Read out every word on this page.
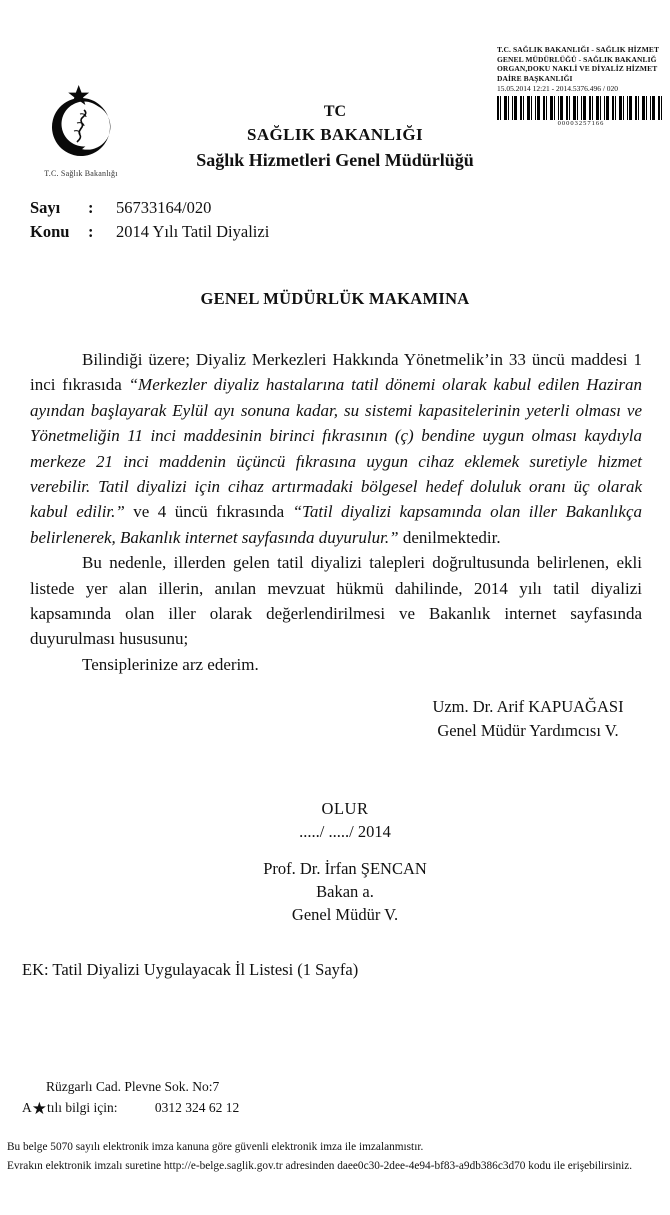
T.C. SAĞLIK BAKANLIĞI - SAĞLIK HİZMET
GENEL MÜDÜRLÜĞÜ - SAĞLIK BAKANLIĞ
ORGAN,DOKU NAKLİ VE DİYALİZ HİZMET
DAİRE BAŞKANLIĞI
15.05.2014 12:21 - 2014.5376.496 / 020
00003257166
T.C. Sağlık Bakanlığı
TC
SAĞLIK BAKANLIĞI
Sağlık Hizmetleri Genel Müdürlüğü
Sayı	:	56733164/020
Konu	:	2014 Yılı Tatil Diyalizi
GENEL MÜDÜRLÜK MAKAMINA

Bilindiği üzere; Diyaliz Merkezleri Hakkında Yönetmelik’in 33 üncü maddesi 1 inci fıkrasıda “Merkezler diyaliz hastalarına tatil dönemi olarak kabul edilen Haziran ayından başlayarak Eylül ayı sonuna kadar, su sistemi kapasitelerinin yeterli olması ve Yönetmeliğin 11 inci maddesinin birinci fıkrasının (ç) bendine uygun olması kaydıyla merkeze 21 inci maddenin üçüncü fıkrasına uygun cihaz eklemek suretiyle hizmet verebilir. Tatil diyalizi için cihaz artırmadaki bölgesel hedef doluluk oranı üç olarak kabul edilir.” ve 4 üncü fıkrasında “Tatil diyalizi kapsamında olan iller Bakanlıkça belirlenerek, Bakanlık internet sayfasında duyurulur.” denilmektedir.

Bu nedenle, illerden gelen tatil diyalizi talepleri doğrultusunda belirlenen, ekli listede yer alan illerin, anılan mevzuat hükmü dahilinde, 2014 yılı tatil diyalizi kapsamında olan iller olarak değerlendirilmesi ve Bakanlık internet sayfasında duyurulması hususunu;

Tensiplerinize arz ederim.
Uzm. Dr. Arif KAPUAĞASI
Genel Müdür Yardımcısı V.
OLUR
...../ ...../ 2014
Prof. Dr. İrfan ŞENCAN
Bakan a.
Genel Müdür V.
EK: Tatil Diyalizi Uygulayacak İl Listesi (1 Sayfa)
Rüzgarlı Cad. Plevne Sok. No:7
A★tılı bilgi için:	0312 324 62 12
Bu belge 5070 sayılı elektronik imza kanuna göre güvenli elektronik imza ile imzalanmıstır.
Evrakın elektronik imzalı suretine http://e-belge.saglik.gov.tr adresinden daee0c30-2dee-4e94-bf83-a9db386c3d70 kodu ile erişebilirsiniz.
